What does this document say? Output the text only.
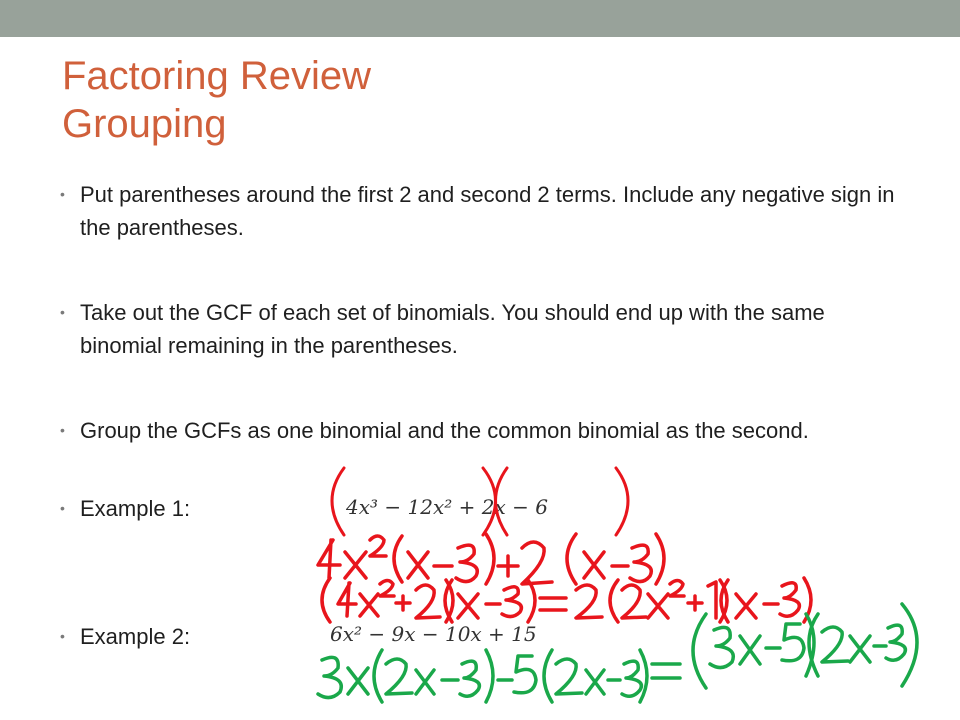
Factoring Review
Grouping
• Put parentheses around the first 2 and second 2 terms. Include any negative sign in the parentheses.
• Take out the GCF of each set of binomials. You should end up with the same binomial remaining in the parentheses.
• Group the GCFs as one binomial and the common binomial as the second.
• Example 1:
• Example 2:
4x³ − 12x² + 2x − 6
6x² − 9x − 10x + 15
